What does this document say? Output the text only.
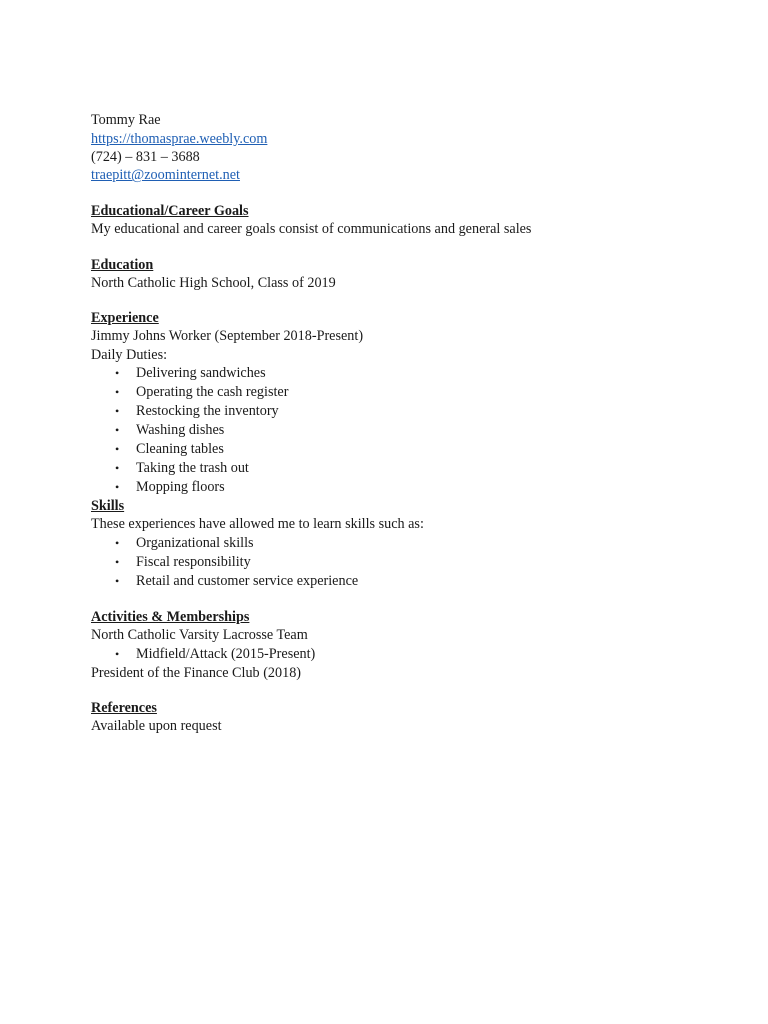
Tommy Rae
https://thomasprae.weebly.com
(724) – 831 – 3688
traepitt@zoominternet.net
Educational/Career Goals
My educational and career goals consist of communications and general sales
Education
North Catholic High School, Class of 2019
Experience
Jimmy Johns Worker (September 2018-Present)
Daily Duties:
• Delivering sandwiches
• Operating the cash register
• Restocking the inventory
• Washing dishes
• Cleaning tables
• Taking the trash out
• Mopping floors
Skills
These experiences have allowed me to learn skills such as:
• Organizational skills
• Fiscal responsibility
• Retail and customer service experience
Activities & Memberships
North Catholic Varsity Lacrosse Team
• Midfield/Attack (2015-Present)
President of the Finance Club (2018)
References
Available upon request
